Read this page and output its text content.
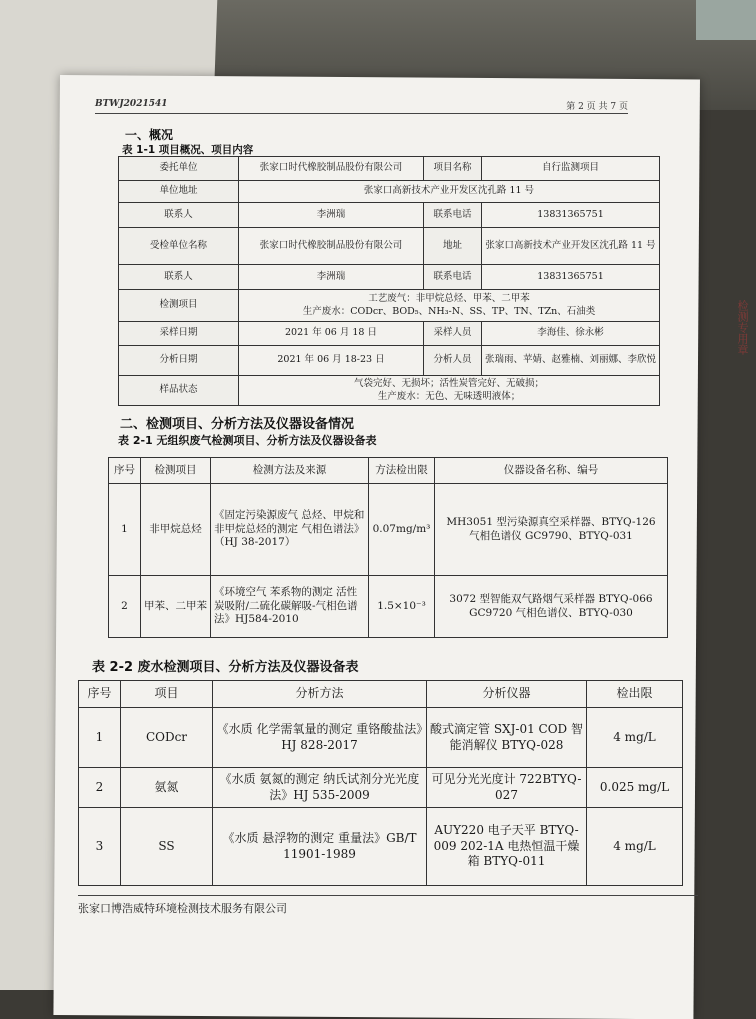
检测专用章
BTWJ2021541	第 2 页 共 7 页
一、概况
表 1-1 项目概况、项目内容
委托单位	张家口时代橡胶制品股份有限公司	项目名称	自行监测项目
单位地址	张家口高新技术产业开发区沈孔路 11 号		
联系人	李洲瑞	联系电话	13831365751
受检单位名称	张家口时代橡胶制品股份有限公司	地址	张家口高新技术产业开发区沈孔路 11 号
联系人	李洲瑞	联系电话	13831365751
检测项目	工艺废气：非甲烷总烃、甲苯、二甲苯
生产废水：CODcr、BOD₅、NH₃-N、SS、TP、TN、TZn、石油类		

采样日期	2021 年 06 月 18 日	采样人员	李海佳、徐永彬
分析日期	2021 年 06 月 18-23 日	分析人员	张瑞雨、苹婧、赵雅楠、刘丽娜、李欣悦
样品状态	气袋完好、无损坏；活性炭管完好、无破损；
生产废水：无色、无味透明液体；		
二、检测项目、分析方法及仪器设备情况
表 2-1 无组织废气检测项目、分析方法及仪器设备表
序号	检测项目	检测方法及来源	方法检出限	仪器设备名称、编号
1	非甲烷总烃	《固定污染源废气 总烃、甲烷和非甲烷总烃的测定 气相色谱法》（HJ 38-2017）	0.07mg/m³	MH3051 型污染源真空采样器、BTYQ-126
气相色谱仪 GC9790、BTYQ-031

2	甲苯、二甲苯	《环境空气 苯系物的测定 活性炭吸附/二硫化碳解吸-气相色谱法》HJ584-2010	1.5×10⁻³	3072 型智能双气路烟气采样器 BTYQ-066
GC9720 气相色谱仪、BTYQ-030
表 2-2 废水检测项目、分析方法及仪器设备表
序号	项目	分析方法	分析仪器	检出限
1	CODcr	《水质 化学需氧量的测定 重铬酸盐法》HJ 828-2017	酸式滴定管 SXJ-01 COD 智能消解仪 BTYQ-028	4 mg/L
2	氨氮	《水质 氨氮的测定 纳氏试剂分光光度法》HJ 535-2009	可见分光光度计 722BTYQ-027	0.025 mg/L
3	SS	《水质 悬浮物的测定 重量法》GB/T 11901-1989	AUY220 电子天平 BTYQ-009 202-1A 电热恒温干燥箱 BTYQ-011	4 mg/L
张家口博浩威特环境检测技术服务有限公司
